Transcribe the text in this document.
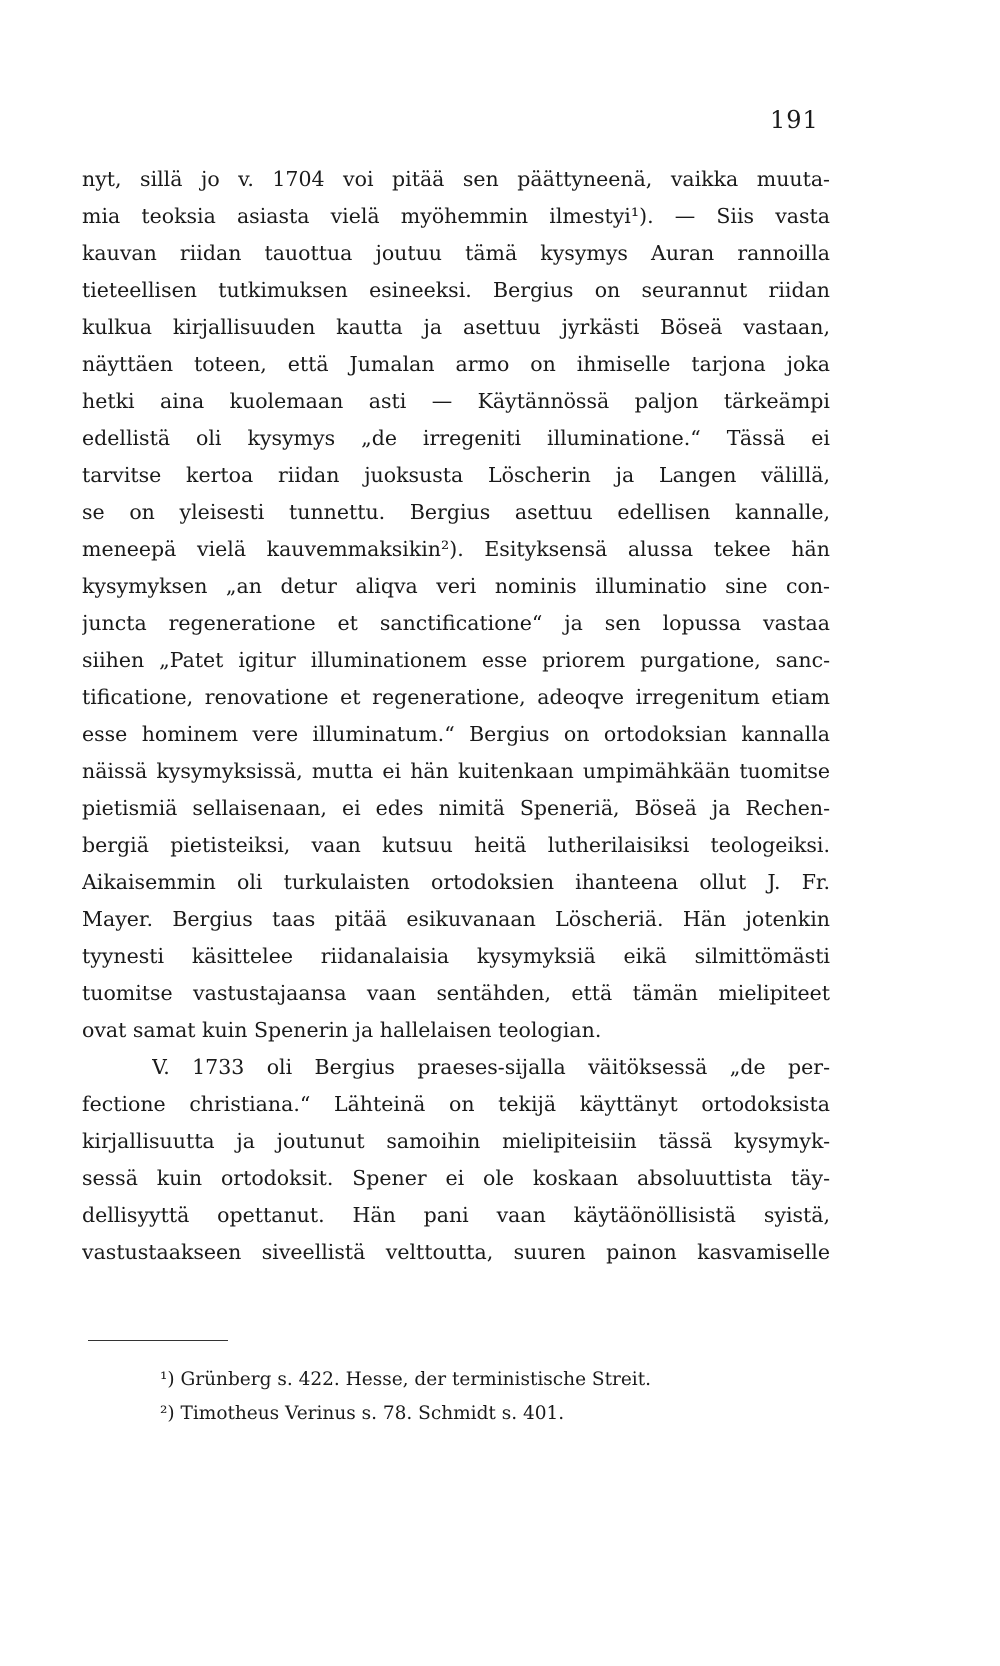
191
nyt, sillä jo v. 1704 voi pitää sen päättyneenä, vaikka muuta-
mia teoksia asiasta vielä myöhemmin ilmestyi¹). — Siis vasta
kauvan riidan tauottua joutuu tämä kysymys Auran rannoilla
tieteellisen tutkimuksen esineeksi. Bergius on seurannut riidan
kulkua kirjallisuuden kautta ja asettuu jyrkästi Böseä vastaan,
näyttäen toteen, että Jumalan armo on ihmiselle tarjona joka
hetki aina kuolemaan asti — Käytännössä paljon tärkeämpi
edellistä oli kysymys „de irregeniti illuminatione.“ Tässä ei
tarvitse kertoa riidan juoksusta Löscherin ja Langen välillä,
se on yleisesti tunnettu. Bergius asettuu edellisen kannalle,
meneepä vielä kauvemmaksikin²). Esityksensä alussa tekee hän
kysymyksen „an detur aliqva veri nominis illuminatio sine con-
juncta regeneratione et sanctificatione“ ja sen lopussa vastaa
siihen „Patet igitur illuminationem esse priorem purgatione, sanc-
tificatione, renovatione et regeneratione, adeoqve irregenitum etiam
esse hominem vere illuminatum.“ Bergius on ortodoksian kannalla
näissä kysymyksissä, mutta ei hän kuitenkaan umpimähkään tuomitse
pietismiä sellaisenaan, ei edes nimitä Speneriä, Böseä ja Rechen-
bergiä pietisteiksi, vaan kutsuu heitä lutherilaisiksi teologeiksi.
Aikaisemmin oli turkulaisten ortodoksien ihanteena ollut J. Fr.
Mayer. Bergius taas pitää esikuvanaan Löscheriä. Hän jotenkin
tyynesti käsittelee riidanalaisia kysymyksiä eikä silmittömästi
tuomitse vastustajaansa vaan sentähden, että tämän mielipiteet
ovat samat kuin Spenerin ja hallelaisen teologian.
V. 1733 oli Bergius praeses-sijalla väitöksessä „de per-
fectione christiana.“ Lähteinä on tekijä käyttänyt ortodoksista
kirjallisuutta ja joutunut samoihin mielipiteisiin tässä kysymyk-
sessä kuin ortodoksit. Spener ei ole koskaan absoluuttista täy-
dellisyyttä opettanut. Hän pani vaan käytäönöllisistä syistä,
vastustaakseen siveellistä velttoutta, suuren painon kasvamiselle
¹) Grünberg s. 422. Hesse, der terministische Streit.
²) Timotheus Verinus s. 78. Schmidt s. 401.
